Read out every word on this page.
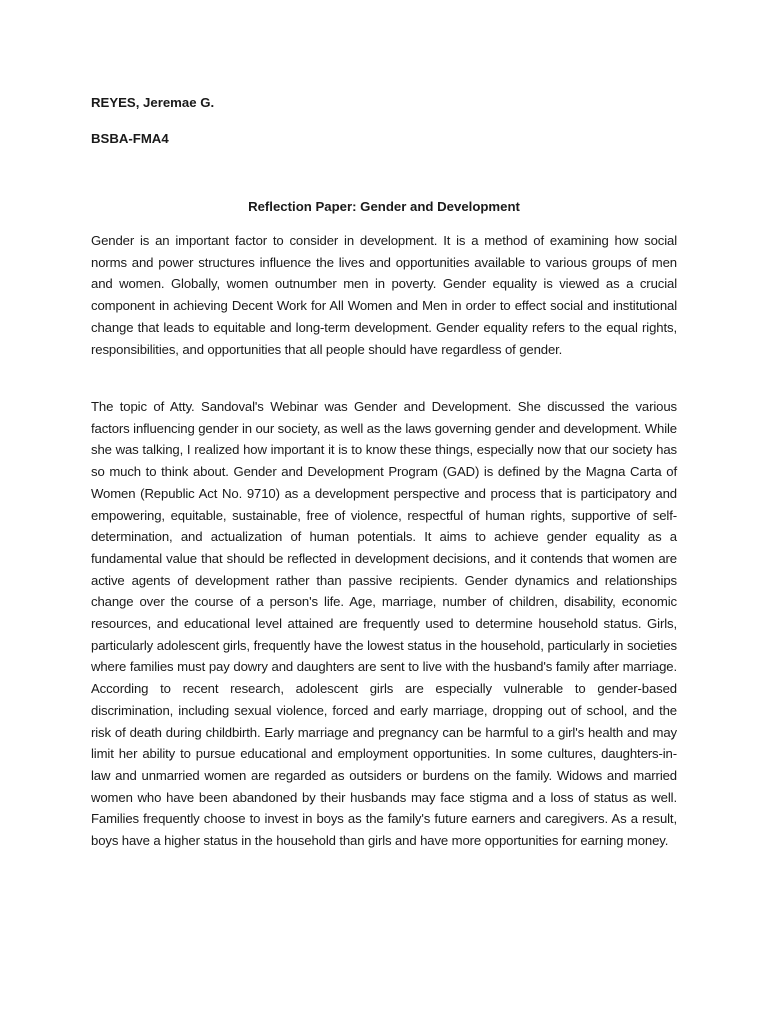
REYES, Jeremae G.
BSBA-FMA4
Reflection Paper: Gender and Development

Gender is an important factor to consider in development. It is a method of examining how social norms and power structures influence the lives and opportunities available to various groups of men and women. Globally, women outnumber men in poverty. Gender equality is viewed as a crucial component in achieving Decent Work for All Women and Men in order to effect social and institutional change that leads to equitable and long-term development. Gender equality refers to the equal rights, responsibilities, and opportunities that all people should have regardless of gender.

The topic of Atty. Sandoval's Webinar was Gender and Development. She discussed the various factors influencing gender in our society, as well as the laws governing gender and development. While she was talking, I realized how important it is to know these things, especially now that our society has so much to think about. Gender and Development Program (GAD) is defined by the Magna Carta of Women (Republic Act No. 9710) as a development perspective and process that is participatory and empowering, equitable, sustainable, free of violence, respectful of human rights, supportive of self-determination, and actualization of human potentials. It aims to achieve gender equality as a fundamental value that should be reflected in development decisions, and it contends that women are active agents of development rather than passive recipients. Gender dynamics and relationships change over the course of a person's life. Age, marriage, number of children, disability, economic resources, and educational level attained are frequently used to determine household status. Girls, particularly adolescent girls, frequently have the lowest status in the household, particularly in societies where families must pay dowry and daughters are sent to live with the husband's family after marriage. According to recent research, adolescent girls are especially vulnerable to gender-based discrimination, including sexual violence, forced and early marriage, dropping out of school, and the risk of death during childbirth. Early marriage and pregnancy can be harmful to a girl's health and may limit her ability to pursue educational and employment opportunities. In some cultures, daughters-in-law and unmarried women are regarded as outsiders or burdens on the family. Widows and married women who have been abandoned by their husbands may face stigma and a loss of status as well. Families frequently choose to invest in boys as the family's future earners and caregivers. As a result, boys have a higher status in the household than girls and have more opportunities for earning money.
